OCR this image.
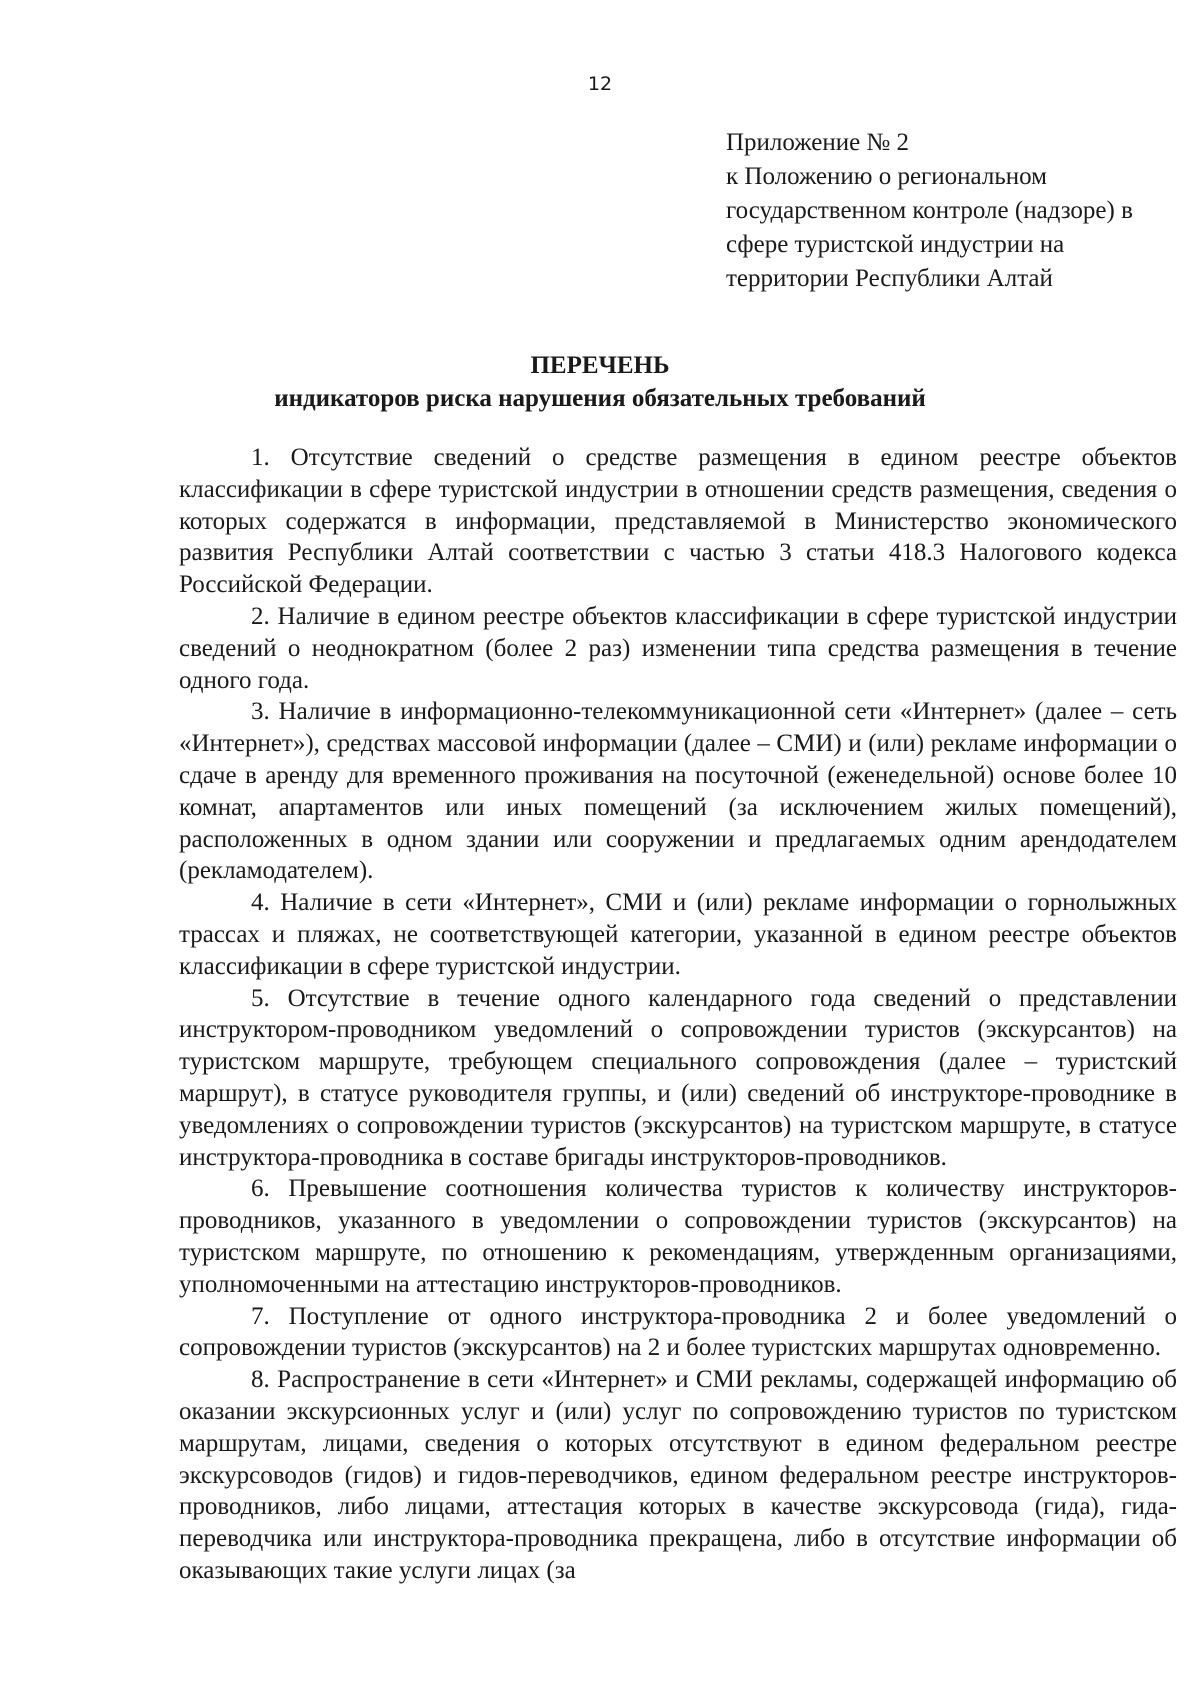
12
Приложение № 2
к Положению о региональном
государственном контроле (надзоре) в
сфере туристской индустрии на
территории Республики Алтай
ПЕРЕЧЕНЬ
индикаторов риска нарушения обязательных требований

1. Отсутствие сведений о средстве размещения в едином реестре объектов классификации в сфере туристской индустрии в отношении средств размещения, сведения о которых содержатся в информации, представляемой в Министерство экономического развития Республики Алтай соответствии с частью 3 статьи 418.3 Налогового кодекса Российской Федерации.

2. Наличие в едином реестре объектов классификации в сфере туристской индустрии сведений о неоднократном (более 2 раз) изменении типа средства размещения в течение одного года.

3. Наличие в информационно-телекоммуникационной сети «Интернет» (далее – сеть «Интернет»), средствах массовой информации (далее – СМИ) и (или) рекламе информации о сдаче в аренду для временного проживания на посуточной (еженедельной) основе более 10 комнат, апартаментов или иных помещений (за исключением жилых помещений), расположенных в одном здании или сооружении и предлагаемых одним арендодателем (рекламодателем).

4. Наличие в сети «Интернет», СМИ и (или) рекламе информации о горнолыжных трассах и пляжах, не соответствующей категории, указанной в едином реестре объектов классификации в сфере туристской индустрии.

5. Отсутствие в течение одного календарного года сведений о представлении инструктором-проводником уведомлений о сопровождении туристов (экскурсантов) на туристском маршруте, требующем специального сопровождения (далее – туристский маршрут), в статусе руководителя группы, и (или) сведений об инструкторе-проводнике в уведомлениях о сопровождении туристов (экскурсантов) на туристском маршруте, в статусе инструктора-проводника в составе бригады инструкторов-проводников.

6. Превышение соотношения количества туристов к количеству инструкторов-проводников, указанного в уведомлении о сопровождении туристов (экскурсантов) на туристском маршруте, по отношению к рекомендациям, утвержденным организациями, уполномоченными на аттестацию инструкторов-проводников.

7. Поступление от одного инструктора-проводника 2 и более уведомлений о сопровождении туристов (экскурсантов) на 2 и более туристских маршрутах одновременно.

8. Распространение в сети «Интернет» и СМИ рекламы, содержащей информацию об оказании экскурсионных услуг и (или) услуг по сопровождению туристов по туристском маршрутам, лицами, сведения о которых отсутствуют в едином федеральном реестре экскурсоводов (гидов) и гидов-переводчиков, едином федеральном реестре инструкторов-проводников, либо лицами, аттестация которых в качестве экскурсовода (гида), гида-переводчика или инструктора-проводника прекращена, либо в отсутствие информации об оказывающих такие услуги лицах (за
